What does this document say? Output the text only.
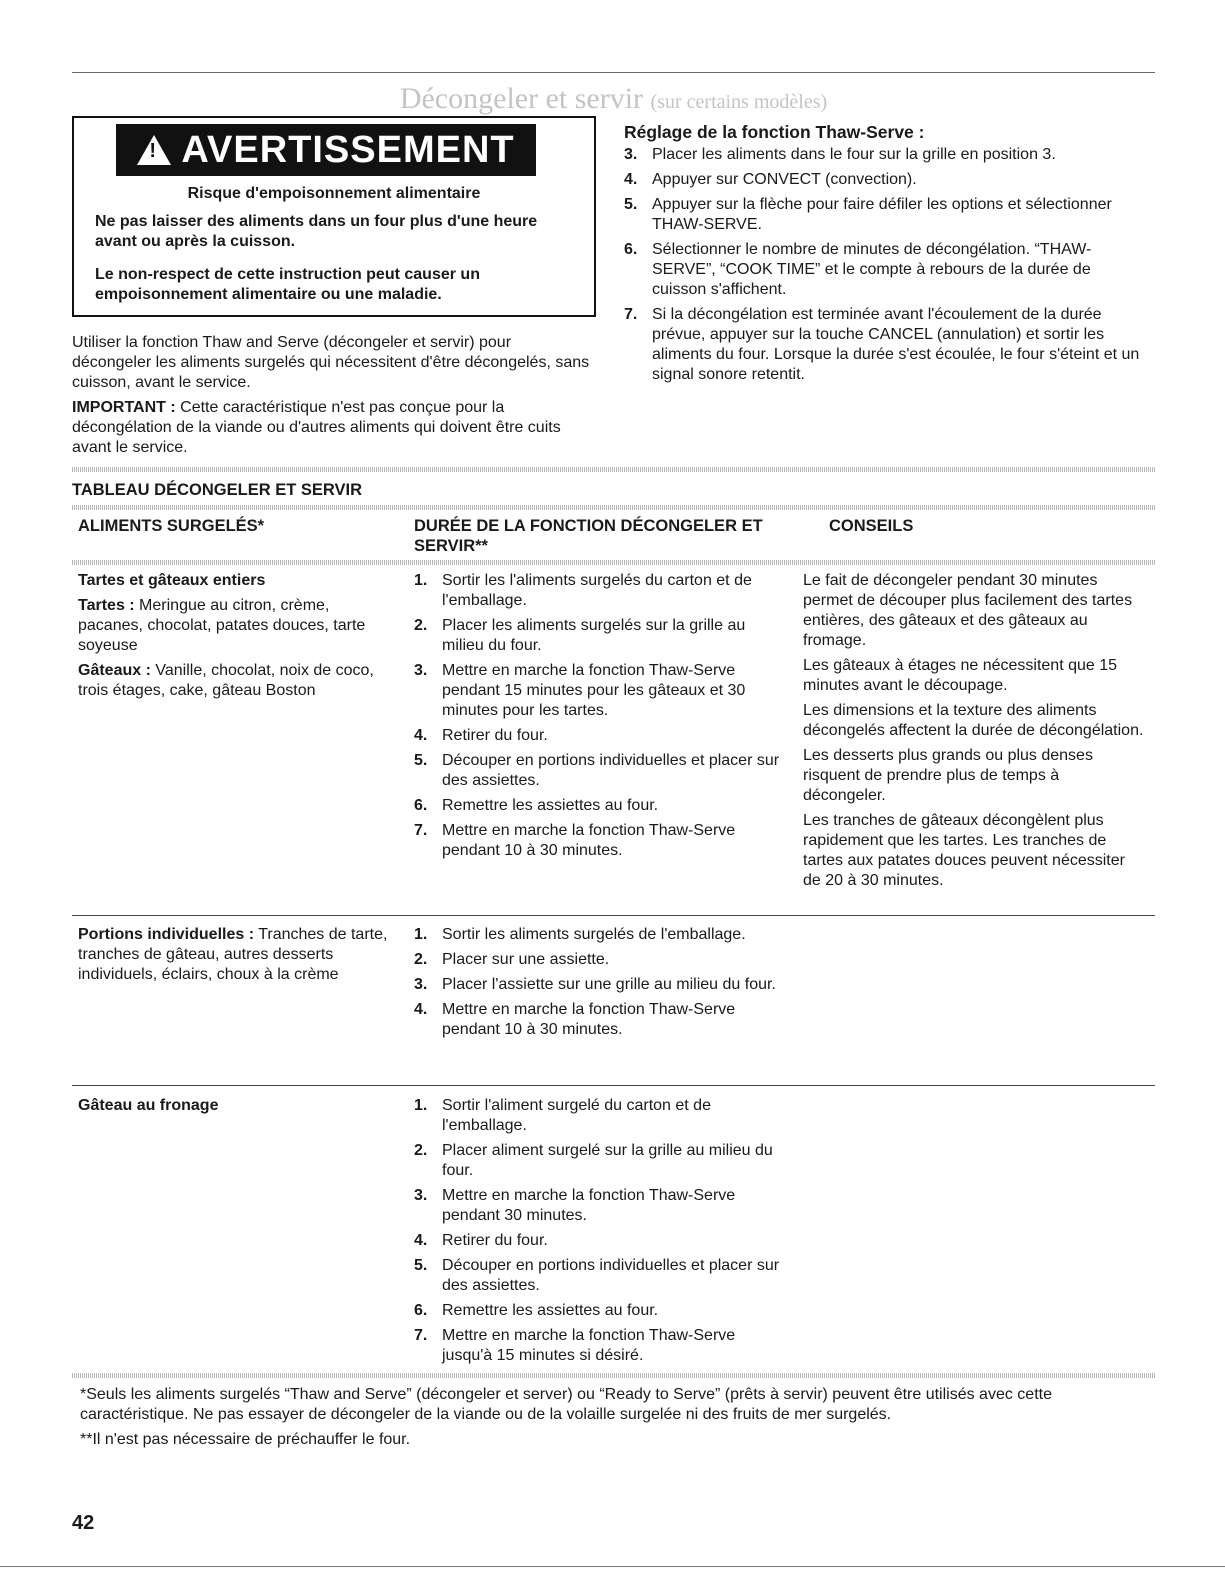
Décongeler et servir (sur certains modèles)
! AVERTISSEMENT
Risque d'empoisonnement alimentaire
Ne pas laisser des aliments dans un four plus d'une heure avant ou après la cuisson.
Le non-respect de cette instruction peut causer un empoisonnement alimentaire ou une maladie.
Utiliser la fonction Thaw and Serve (décongeler et servir) pour décongeler les aliments surgelés qui nécessitent d'être décongelés, sans cuisson, avant le service.
IMPORTANT : Cette caractéristique n'est pas conçue pour la décongélation de la viande ou d'autres aliments qui doivent être cuits avant le service.
Réglage de la fonction Thaw-Serve :
3. Placer les aliments dans le four sur la grille en position 3.
4. Appuyer sur CONVECT (convection).
5. Appuyer sur la flèche pour faire défiler les options et sélectionner THAW-SERVE.
6. Sélectionner le nombre de minutes de décongélation. “THAW-SERVE”, “COOK TIME” et le compte à rebours de la durée de cuisson s'affichent.
7. Si la décongélation est terminée avant l'écoulement de la durée prévue, appuyer sur la touche CANCEL (annulation) et sortir les aliments du four. Lorsque la durée s'est écoulée, le four s'éteint et un signal sonore retentit.
TABLEAU DÉCONGELER ET SERVIR
ALIMENTS SURGELÉS*	DURÉE DE LA FONCTION DÉCONGELER ET SERVIR**
CONSEILS

Tartes et gâteaux entiers

Tartes : Meringue au citron, crème, pacanes, chocolat, patates douces, tarte soyeuse

Gâteaux : Vanille, chocolat, noix de coco, trois étages, cake, gâteau Boston

1. Sortir les l'aliments surgelés du carton et de l'emballage.
2. Placer les aliments surgelés sur la grille au milieu du four.
3. Mettre en marche la fonction Thaw-Serve pendant 15 minutes pour les gâteaux et 30 minutes pour les tartes.
4. Retirer du four.
5. Découper en portions individuelles et placer sur des assiettes.
6. Remettre les assiettes au four.
7. Mettre en marche la fonction Thaw-Serve pendant 10 à 30 minutes.

Le fait de décongeler pendant 30 minutes permet de découper plus facilement des tartes entières, des gâteaux et des gâteaux au fromage.

Les gâteaux à étages ne nécessitent que 15 minutes avant le découpage.

Les dimensions et la texture des aliments décongelés affectent la durée de décongélation.

Les desserts plus grands ou plus denses risquent de prendre plus de temps à décongeler.

Les tranches de gâteaux décongèlent plus rapidement que les tartes. Les tranches de tartes aux patates douces peuvent nécessiter de 20 à 30 minutes.

Portions individuelles : Tranches de tarte, tranches de gâteau, autres desserts individuels, éclairs, choux à la crème

1. Sortir les aliments surgelés de l'emballage.
2. Placer sur une assiette.
3. Placer l'assiette sur une grille au milieu du four.
4. Mettre en marche la fonction Thaw-Serve pendant 10 à 30 minutes.

Gâteau au fronage	1. Sortir l'aliment surgelé du carton et de l'emballage.
2. Placer aliment surgelé sur la grille au milieu du four.
3. Mettre en marche la fonction Thaw-Serve pendant 30 minutes.
4. Retirer du four.
5. Découper en portions individuelles et placer sur des assiettes.
6. Remettre les assiettes au four.
7. Mettre en marche la fonction Thaw-Serve jusqu'à 15 minutes si désiré.
*Seuls les aliments surgelés “Thaw and Serve” (décongeler et server) ou “Ready to Serve” (prêts à servir) peuvent être utilisés avec cette caractéristique. Ne pas essayer de décongeler de la viande ou de la volaille surgelée ni des fruits de mer surgelés.
**Il n'est pas nécessaire de préchauffer le four.
42
